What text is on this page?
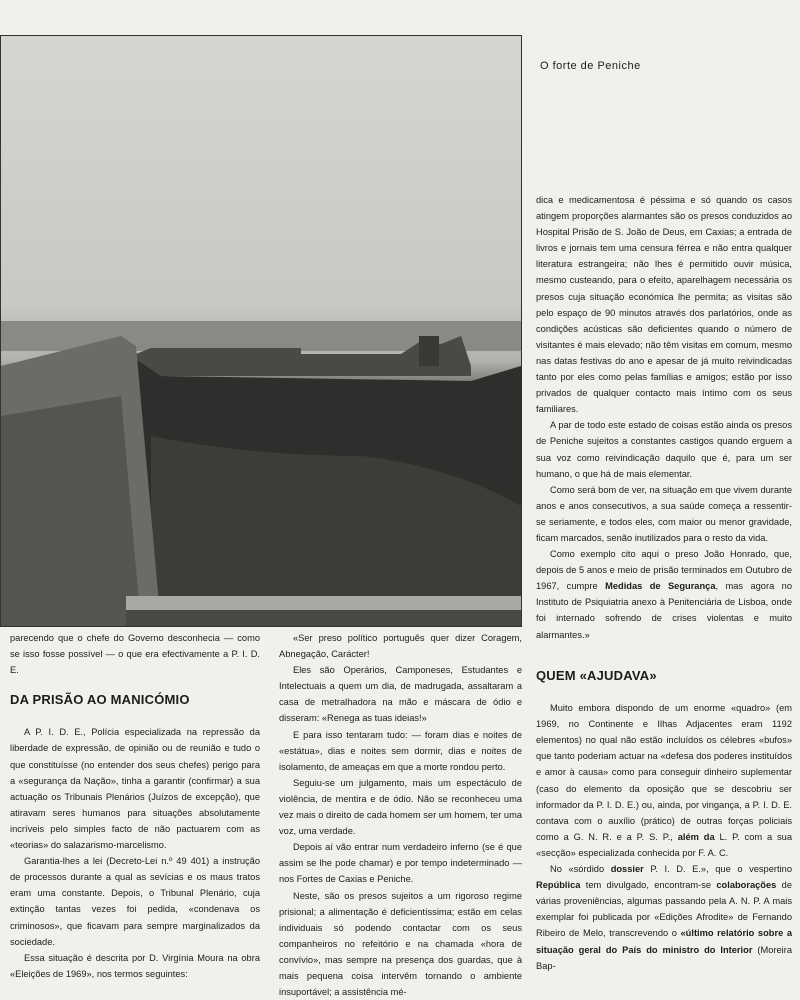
O forte de Peniche

dica e medicamentosa é péssima e só quando os casos atingem proporções alarmantes são os presos conduzidos ao Hospital Prisão de S. João de Deus, em Caxias; a entrada de livros e jornais tem uma censura férrea e não entra qualquer literatura estrangeira; não lhes é permitido ouvir música, mesmo custeando, para o efeito, aparelhagem necessária os presos cuja situação económica lhe permita; as visitas são pelo espaço de 90 minutos através dos parlatórios, onde as condições acústicas são deficientes quando o número de visitantes é mais elevado; não têm visitas em comum, mesmo nas datas festivas do ano e apesar de já muito reivindicadas tanto por eles como pelas famílias e amigos; estão por isso privados de qualquer contacto mais íntimo com os seus familiares.

A par de todo este estado de coisas estão ainda os presos de Peniche sujeitos a constantes castigos quando erguem a sua voz como reivindicação daquilo que é, para um ser humano, o que há de mais elementar.

Como será bom de ver, na situação em que vivem durante anos e anos consecutivos, a sua saúde começa a ressentir-se seriamente, e todos eles, com maior ou menor gravidade, ficam marcados, senão inutilizados para o resto da vida.

Como exemplo cito aqui o preso João Honrado, que, depois de 5 anos e meio de prisão terminados em Outubro de 1967, cumpre Medidas de Segurança, mas agora no Instituto de Psiquiatria anexo à Penitenciária de Lisboa, onde foi internado sofrendo de crises violentas e muito alarmantes.»

parecendo que o chefe do Governo desconhecia — como se isso fosse possível — o que era efectivamente a P. I. D. E.

DA PRISÃO AO MANICÓMIO

A P. I. D. E., Polícia especializada na repressão da liberdade de expressão, de opinião ou de reunião e tudo o que constituísse (no entender dos seus chefes) perigo para a «segurança da Nação», tinha a garantir (confirmar) a sua actuação os Tribunais Plenários (Juízos de excepção), que atiravam seres humanos para situações absolutamente incríveis pelo simples facto de não pactuarem com as «teorias» do salazarismo-marcelismo.

Garantia-lhes a lei (Decreto-Lei n.º 49 401) a instrução de processos durante a qual as sevícias e os maus tratos eram uma constante. Depois, o Tribunal Plenário, cuja extinção tantas vezes foi pedida, «condenava os criminosos», que ficavam para sempre marginalizados da sociedade.

Essa situação é descrita por D. Virgínia Moura na obra «Eleições de 1969», nos termos seguintes:

«Ser preso político português quer dizer Coragem, Abnegação, Carácter!

Eles são Operários, Camponeses, Estudantes e Intelectuais a quem um dia, de madrugada, assaltaram a casa de metralhadora na mão e máscara de ódio e disseram: «Renega as tuas ideias!»

E para isso tentaram tudo: — foram dias e noites de «estátua», dias e noites sem dormir, dias e noites de isolamento, de ameaças em que a morte rondou perto.

Seguiu-se um julgamento, mais um espectáculo de violência, de mentira e de ódio. Não se reconheceu uma vez mais o direito de cada homem ser um homem, ter uma voz, uma verdade.

Depois aí vão entrar num verdadeiro inferno (se é que assim se lhe pode chamar) e por tempo indeterminado — nos Fortes de Caxias e Peniche.

Neste, são os presos sujeitos a um rigoroso regime prisional; a alimentação é deficientíssima; estão em celas individuais só podendo contactar com os seus companheiros no refeitório e na chamada «hora de convívio», mas sempre na presença dos guardas, que à mais pequena coisa intervêm tornando o ambiente insuportável; a assistência mé-

QUEM «AJUDAVA»

Muito embora dispondo de um enorme «quadro» (em 1969, no Continente e Ilhas Adjacentes eram 1192 elementos) no qual não estão incluídos os célebres «bufos» que tanto poderiam actuar na «defesa dos poderes instituídos e amor à causa» como para conseguir dinheiro suplementar (caso do elemento da oposição que se descobriu ser informador da P. I. D. E.) ou, ainda, por vingança, a P. I. D. E. contava com o auxílio (prático) de outras forças policiais como a G. N. R. e a P. S. P., além da L. P. com a sua «secção» especializada conhecida por F. A. C.

No «sórdido dossier P. I. D. E.», que o vespertino República tem divulgado, encontram-se colaborações de várias proveniências, algumas passando pela A. N. P. A mais exemplar foi publicada por «Edições Afrodite» de Fernando Ribeiro de Melo, transcrevendo o «último relatório sobre a situação geral do País do ministro do Interior (Moreira Bap-
